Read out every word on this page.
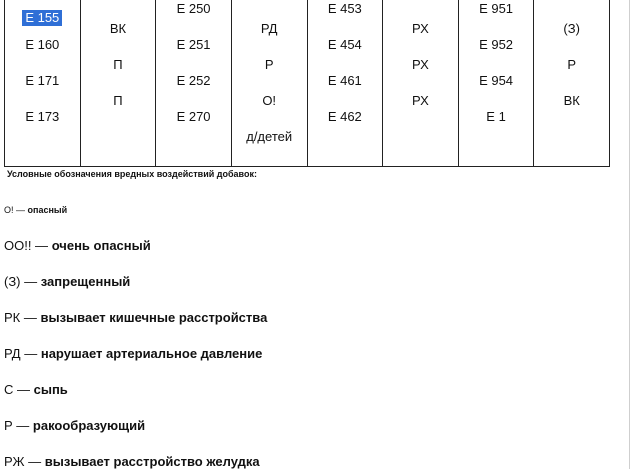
Е 155
Е 160
Е 171
Е 173

ВК
П
П

Е 250
Е 251
Е 252
Е 270

РД
Р
О!
д/детей

Е 453
Е 454
Е 461
Е 462

РХ
РХ
РХ

Е 951
Е 952
Е 954
Е 1

(З)
Р
ВК
Условные обозначения вредных воздействий добавок:
О! — опасный
ОО!! — очень опасный
(З) — запрещенный
РК — вызывает кишечные расстройства
РД — нарушает артериальное давление
С — сыпь
Р — ракообразующий
РЖ — вызывает расстройство желудка
